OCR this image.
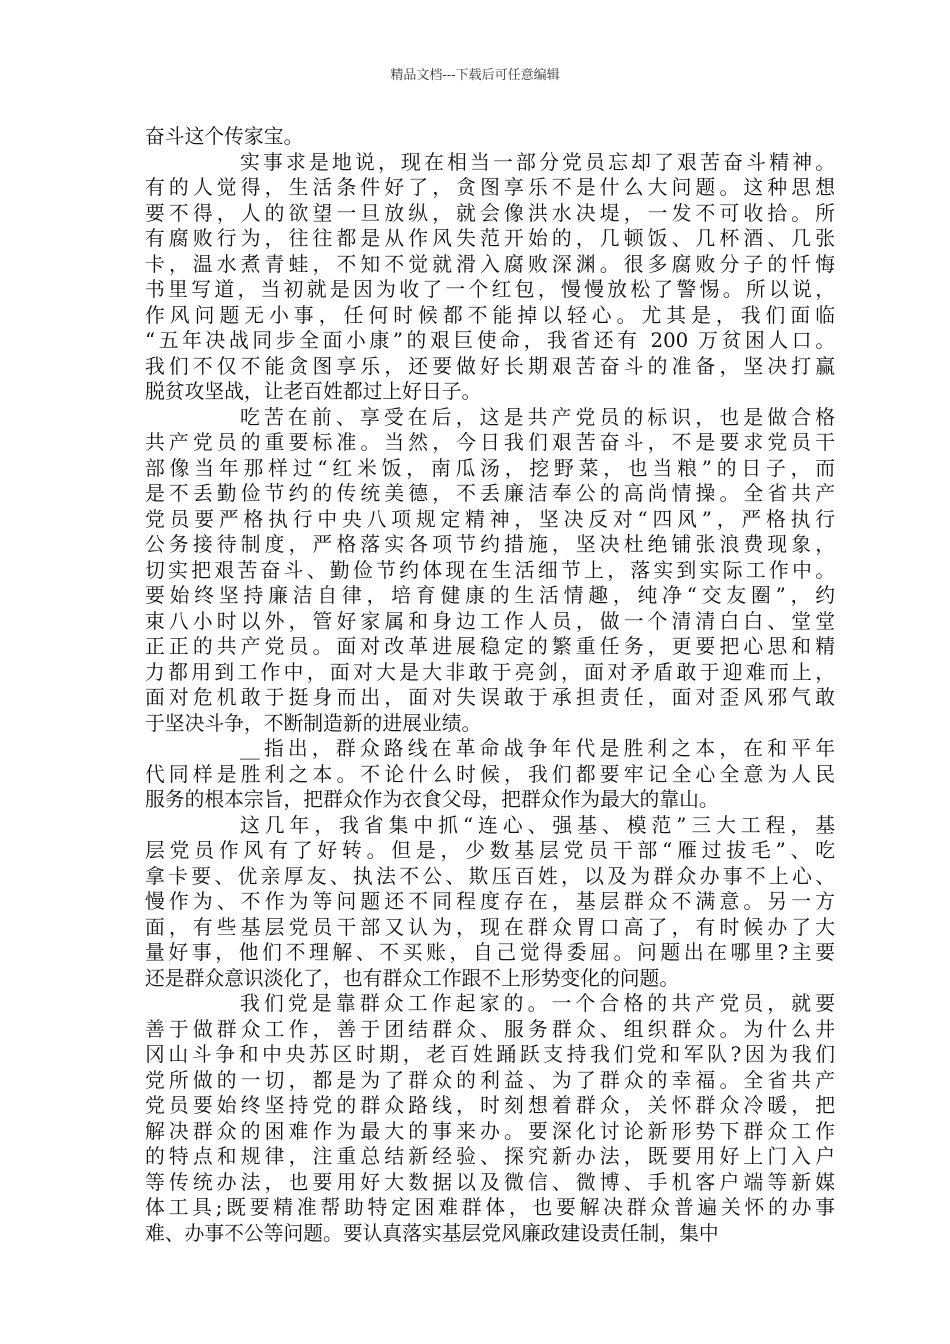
精品文档---下载后可任意编辑

奋斗这个传家宝。

实事求是地说，现在相当一部分党员忘却了艰苦奋斗精神。
有的人觉得，生活条件好了，贪图享乐不是什么大问题。这种思想
要不得，人的欲望一旦放纵，就会像洪水决堤，一发不可收拾。所
有腐败行为，往往都是从作风失范开始的，几顿饭、几杯酒、几张
卡，温水煮青蛙，不知不觉就滑入腐败深渊。很多腐败分子的忏悔
书里写道，当初就是因为收了一个红包，慢慢放松了警惕。所以说，
作风问题无小事，任何时候都不能掉以轻心。尤其是，我们面临
“五年决战同步全面小康”的艰巨使命，我省还有 200 万贫困人口。
我们不仅不能贪图享乐，还要做好长期艰苦奋斗的准备，坚决打赢
脱贫攻坚战，让老百姓都过上好日子。

吃苦在前、享受在后，这是共产党员的标识，也是做合格
共产党员的重要标准。当然，今日我们艰苦奋斗，不是要求党员干
部像当年那样过“红米饭，南瓜汤，挖野菜，也当粮”的日子，而
是不丢勤俭节约的传统美德，不丢廉洁奉公的高尚情操。全省共产
党员要严格执行中央八项规定精神，坚决反对“四风”，严格执行
公务接待制度，严格落实各项节约措施，坚决杜绝铺张浪费现象，
切实把艰苦奋斗、勤俭节约体现在生活细节上，落实到实际工作中。
要始终坚持廉洁自律，培育健康的生活情趣，纯净“交友圈”，约
束八小时以外，管好家属和身边工作人员，做一个清清白白、堂堂
正正的共产党员。面对改革进展稳定的繁重任务，更要把心思和精
力都用到工作中，面对大是大非敢于亮剑，面对矛盾敢于迎难而上，
面对危机敢于挺身而出，面对失误敢于承担责任，面对歪风邪气敢
于坚决斗争，不断制造新的进展业绩。

__指出，群众路线在革命战争年代是胜利之本，在和平年
代同样是胜利之本。不论什么时候，我们都要牢记全心全意为人民
服务的根本宗旨，把群众作为衣食父母，把群众作为最大的靠山。

这几年，我省集中抓“连心、强基、模范”三大工程，基
层党员作风有了好转。但是，少数基层党员干部“雁过拔毛”、吃
拿卡要、优亲厚友、执法不公、欺压百姓，以及为群众办事不上心、
慢作为、不作为等问题还不同程度存在，基层群众不满意。另一方
面，有些基层党员干部又认为，现在群众胃口高了，有时候办了大
量好事，他们不理解、不买账，自己觉得委屈。问题出在哪里?主要
还是群众意识淡化了，也有群众工作跟不上形势变化的问题。

我们党是靠群众工作起家的。一个合格的共产党员，就要
善于做群众工作，善于团结群众、服务群众、组织群众。为什么井
冈山斗争和中央苏区时期，老百姓踊跃支持我们党和军队?因为我们
党所做的一切，都是为了群众的利益、为了群众的幸福。全省共产
党员要始终坚持党的群众路线，时刻想着群众，关怀群众冷暖，把
解决群众的困难作为最大的事来办。要深化讨论新形势下群众工作
的特点和规律，注重总结新经验、探究新办法，既要用好上门入户
等传统办法，也要用好大数据以及微信、微博、手机客户端等新媒
体工具;既要精准帮助特定困难群体，也要解决群众普遍关怀的办事
难、办事不公等问题。要认真落实基层党风廉政建设责任制，集中
